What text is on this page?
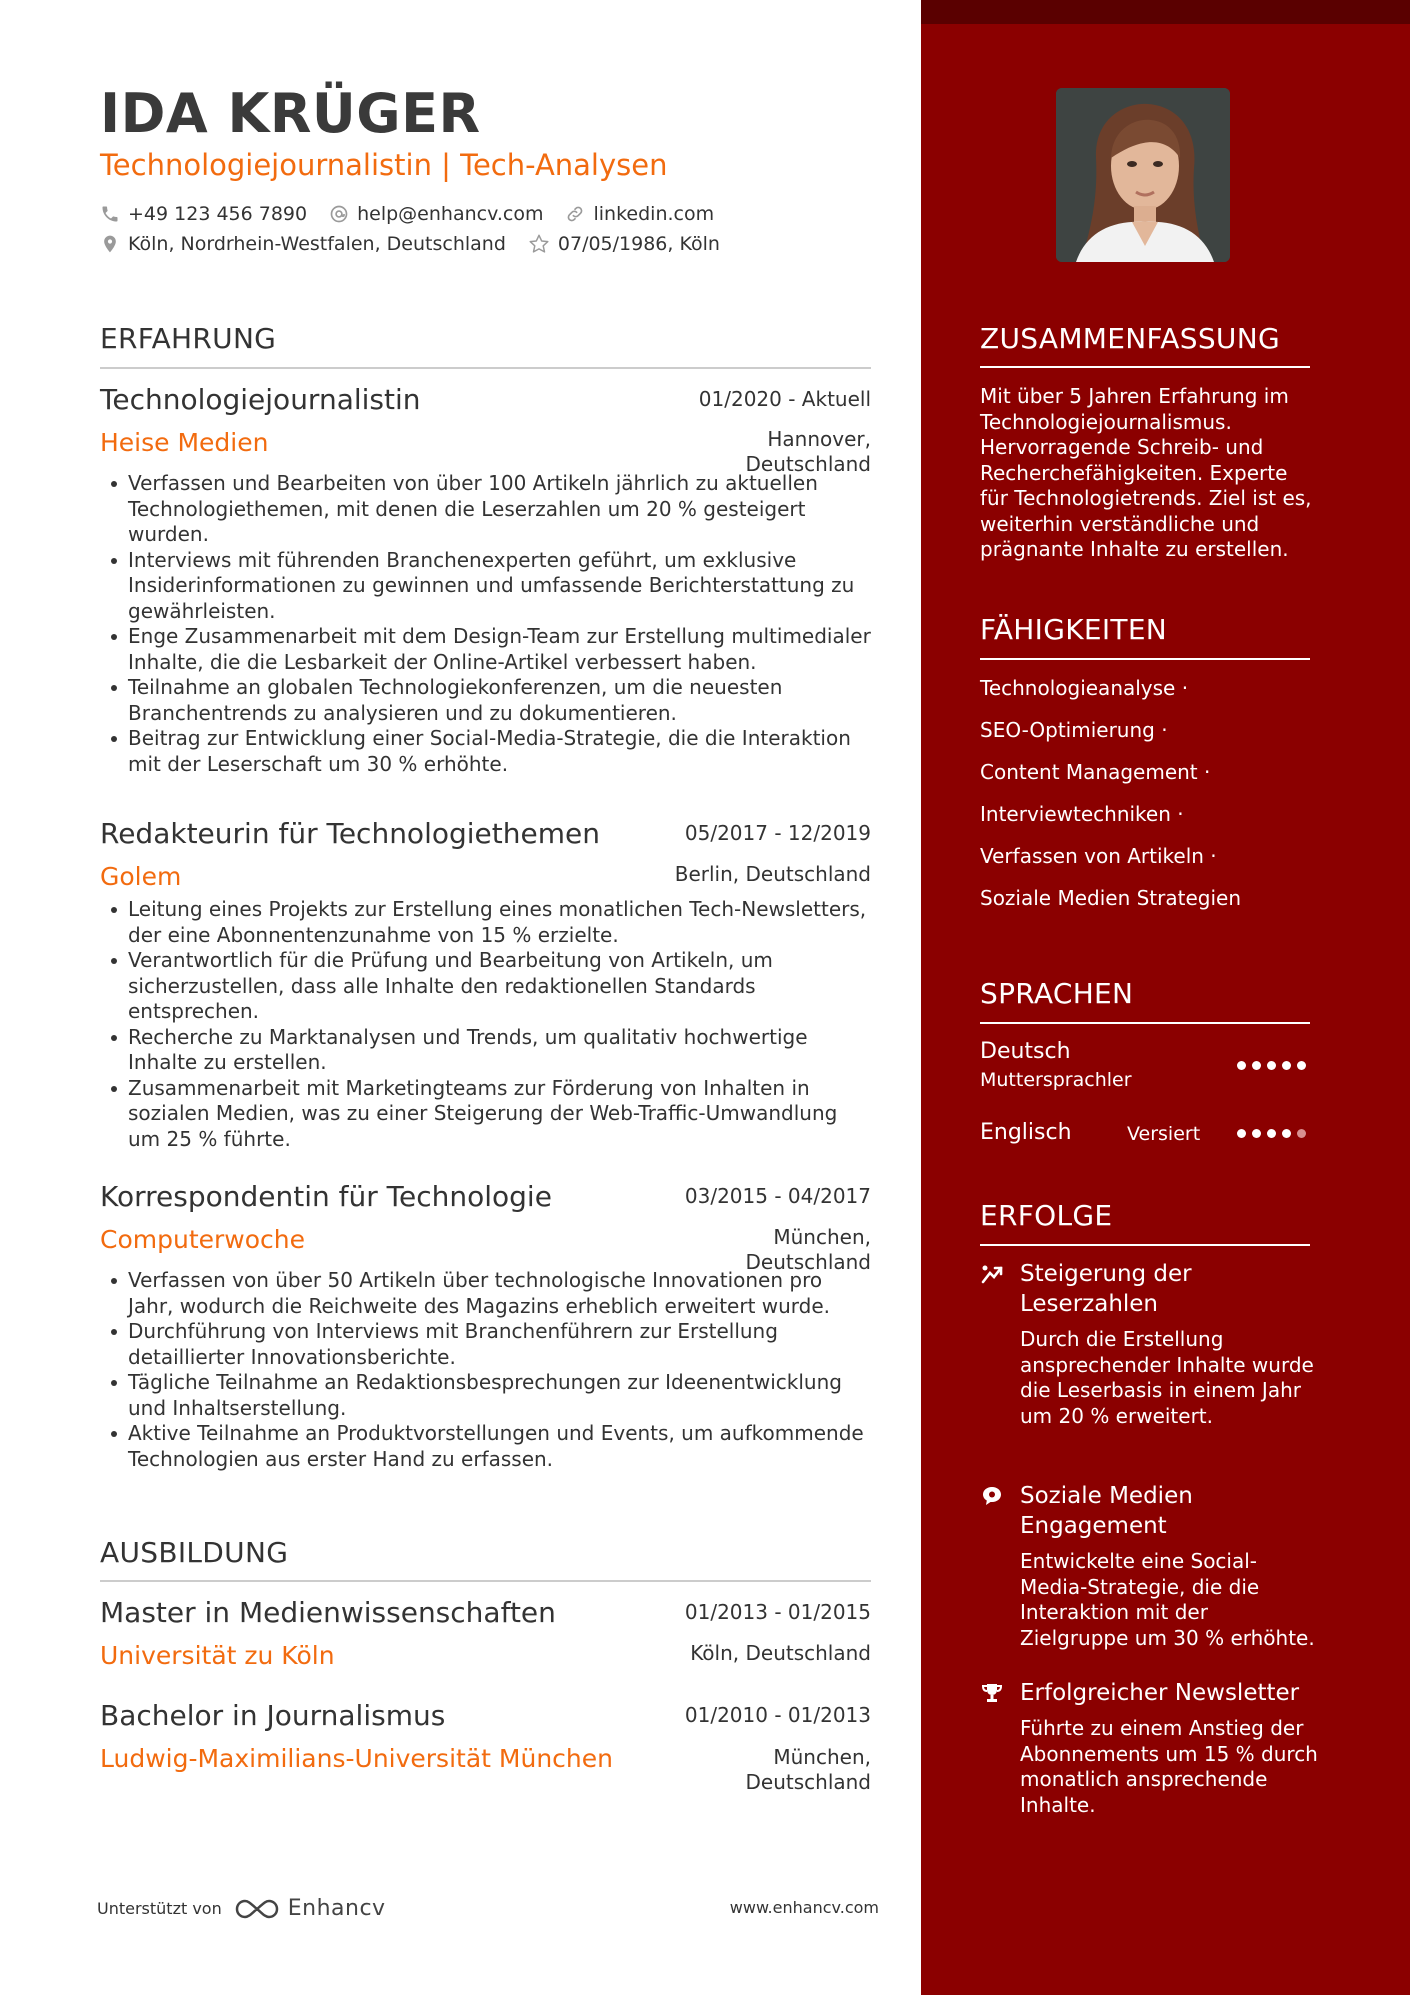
IDA KRÜGER
Technologiejournalistin | Tech-Analysen
+49 123 456 7890	help@enhancv.com	linkedin.com
Köln, Nordrhein-Westfalen, Deutschland	07/05/1986, Köln
ERFAHRUNG
Technologiejournalistin	01/2020 - Aktuell
Heise Medien	Hannover,
Deutschland
Verfassen und Bearbeiten von über 100 Artikeln jährlich zu aktuellen Technologiethemen, mit denen die Leserzahlen um 20 % gesteigert wurden.
Interviews mit führenden Branchenexperten geführt, um exklusive Insiderinformationen zu gewinnen und umfassende Berichterstattung zu gewährleisten.
Enge Zusammenarbeit mit dem Design-Team zur Erstellung multimedialer Inhalte, die die Lesbarkeit der Online-Artikel verbessert haben.
Teilnahme an globalen Technologiekonferenzen, um die neuesten Branchentrends zu analysieren und zu dokumentieren.
Beitrag zur Entwicklung einer Social-Media-Strategie, die die Interaktion mit der Leserschaft um 30 % erhöhte.
Redakteurin für Technologiethemen	05/2017 - 12/2019
Golem	Berlin, Deutschland
Leitung eines Projekts zur Erstellung eines monatlichen Tech-Newsletters, der eine Abonnentenzunahme von 15 % erzielte.
Verantwortlich für die Prüfung und Bearbeitung von Artikeln, um sicherzustellen, dass alle Inhalte den redaktionellen Standards entsprechen.
Recherche zu Marktanalysen und Trends, um qualitativ hochwertige Inhalte zu erstellen.
Zusammenarbeit mit Marketingteams zur Förderung von Inhalten in sozialen Medien, was zu einer Steigerung der Web-Traffic-Umwandlung um 25 % führte.
Korrespondentin für Technologie	03/2015 - 04/2017
Computerwoche	München,
Deutschland
Verfassen von über 50 Artikeln über technologische Innovationen pro Jahr, wodurch die Reichweite des Magazins erheblich erweitert wurde.
Durchführung von Interviews mit Branchenführern zur Erstellung detaillierter Innovationsberichte.
Tägliche Teilnahme an Redaktionsbesprechungen zur Ideenentwicklung und Inhaltserstellung.
Aktive Teilnahme an Produktvorstellungen und Events, um aufkommende Technologien aus erster Hand zu erfassen.
AUSBILDUNG
Master in Medienwissenschaften	01/2013 - 01/2015
Universität zu Köln	Köln, Deutschland
Bachelor in Journalismus	01/2010 - 01/2013
Ludwig-Maximilians-Universität München	München,
Deutschland
Unterstützt von	Enhancv	www.enhancv.com
ZUSAMMENFASSUNG
Mit über 5 Jahren Erfahrung im Technologiejournalismus. Hervorragende Schreib- und Recherchefähigkeiten. Experte für Technologietrends. Ziel ist es, weiterhin verständliche und prägnante Inhalte zu erstellen.
FÄHIGKEITEN
Technologieanalyse ·
SEO-Optimierung ·
Content Management ·
Interviewtechniken ·
Verfassen von Artikeln ·
Soziale Medien Strategien
SPRACHEN
Deutsch
Muttersprachler
Englisch	Versiert
ERFOLGE
Steigerung der Leserzahlen
Durch die Erstellung ansprechender Inhalte wurde die Leserbasis in einem Jahr um 20 % erweitert.
Soziale Medien Engagement
Entwickelte eine Social-Media-Strategie, die die Interaktion mit der Zielgruppe um 30 % erhöhte.
Erfolgreicher Newsletter
Führte zu einem Anstieg der Abonnements um 15 % durch monatlich ansprechende Inhalte.
